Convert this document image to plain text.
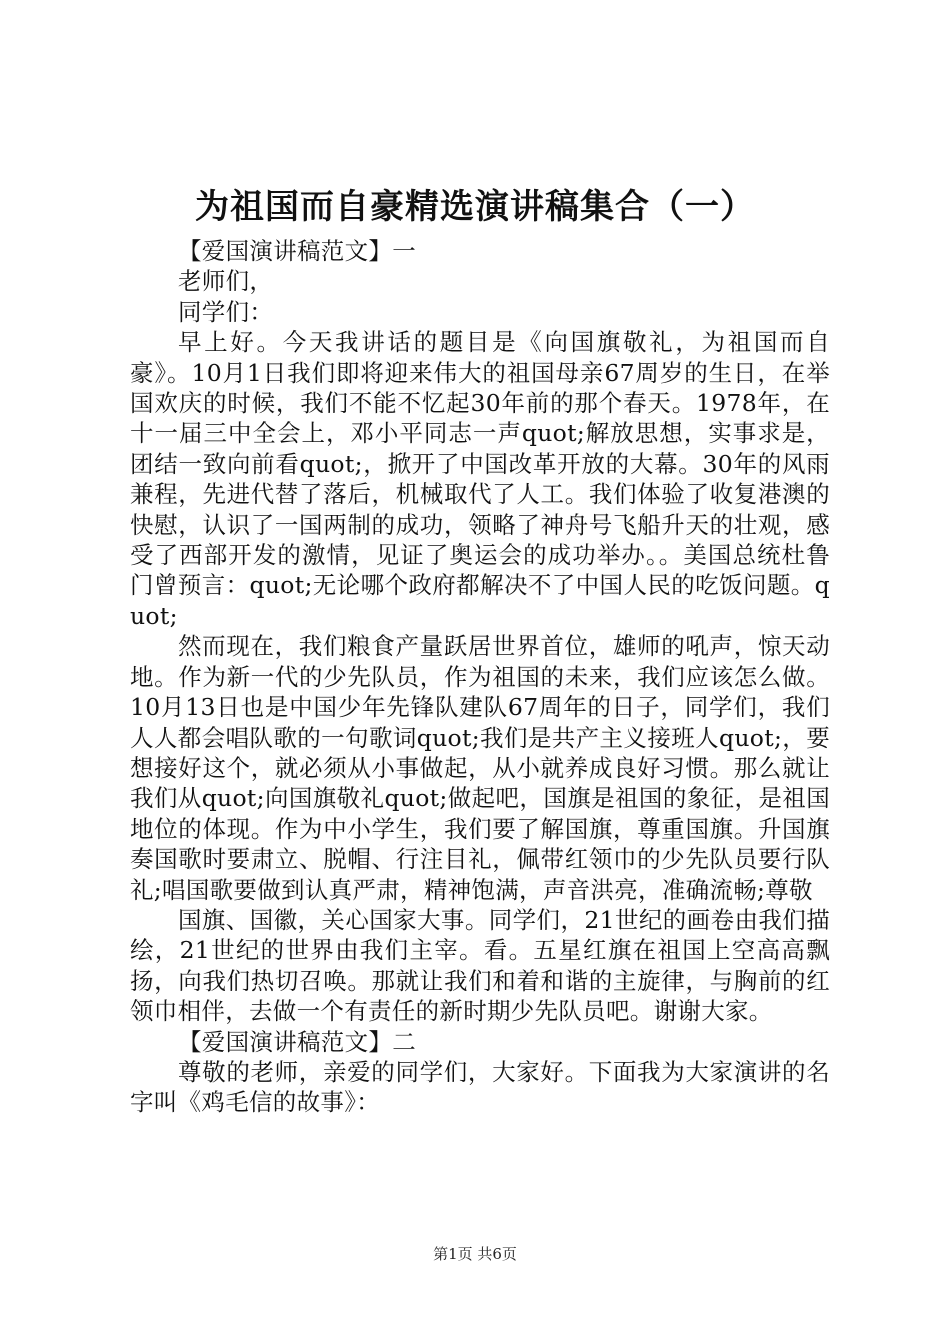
为祖国而自豪精选演讲稿集合（一）

【爱国演讲稿范文】一

老师们，

同学们：

早上好。今天我讲话的题目是《向国旗敬礼，为祖国而自豪》。10月1日我们即将迎来伟大的祖国母亲67周岁的生日，在举国欢庆的时候，我们不能不忆起30年前的那个春天。1978年，在十一届三中全会上，邓小平同志一声quot;解放思想，实事求是，团结一致向前看quot;，掀开了中国改革开放的大幕。30年的风雨兼程，先进代替了落后，机械取代了人工。我们体验了收复港澳的快慰，认识了一国两制的成功，领略了神舟号飞船升天的壮观，感受了西部开发的激情，见证了奥运会的成功举办。。美国总统杜鲁门曾预言：quot;无论哪个政府都解决不了中国人民的吃饭问题。quot;

然而现在，我们粮食产量跃居世界首位，雄师的吼声，惊天动地。作为新一代的少先队员，作为祖国的未来，我们应该怎么做。10月13日也是中国少年先锋队建队67周年的日子，同学们，我们人人都会唱队歌的一句歌词quot;我们是共产主义接班人quot;，要想接好这个，就必须从小事做起，从小就养成良好习惯。那么就让我们从quot;向国旗敬礼quot;做起吧，国旗是祖国的象征，是祖国地位的体现。作为中小学生，我们要了解国旗，尊重国旗。升国旗奏国歌时要肃立、脱帽、行注目礼，佩带红领巾的少先队员要行队礼;唱国歌要做到认真严肃，精神饱满，声音洪亮，准确流畅;尊敬

国旗、国徽，关心国家大事。同学们，21世纪的画卷由我们描绘，21世纪的世界由我们主宰。看。五星红旗在祖国上空高高飘扬，向我们热切召唤。那就让我们和着和谐的主旋律，与胸前的红领巾相伴，去做一个有责任的新时期少先队员吧。谢谢大家。

【爱国演讲稿范文】二

尊敬的老师，亲爱的同学们，大家好。下面我为大家演讲的名字叫《鸡毛信的故事》：

第1页 共6页
